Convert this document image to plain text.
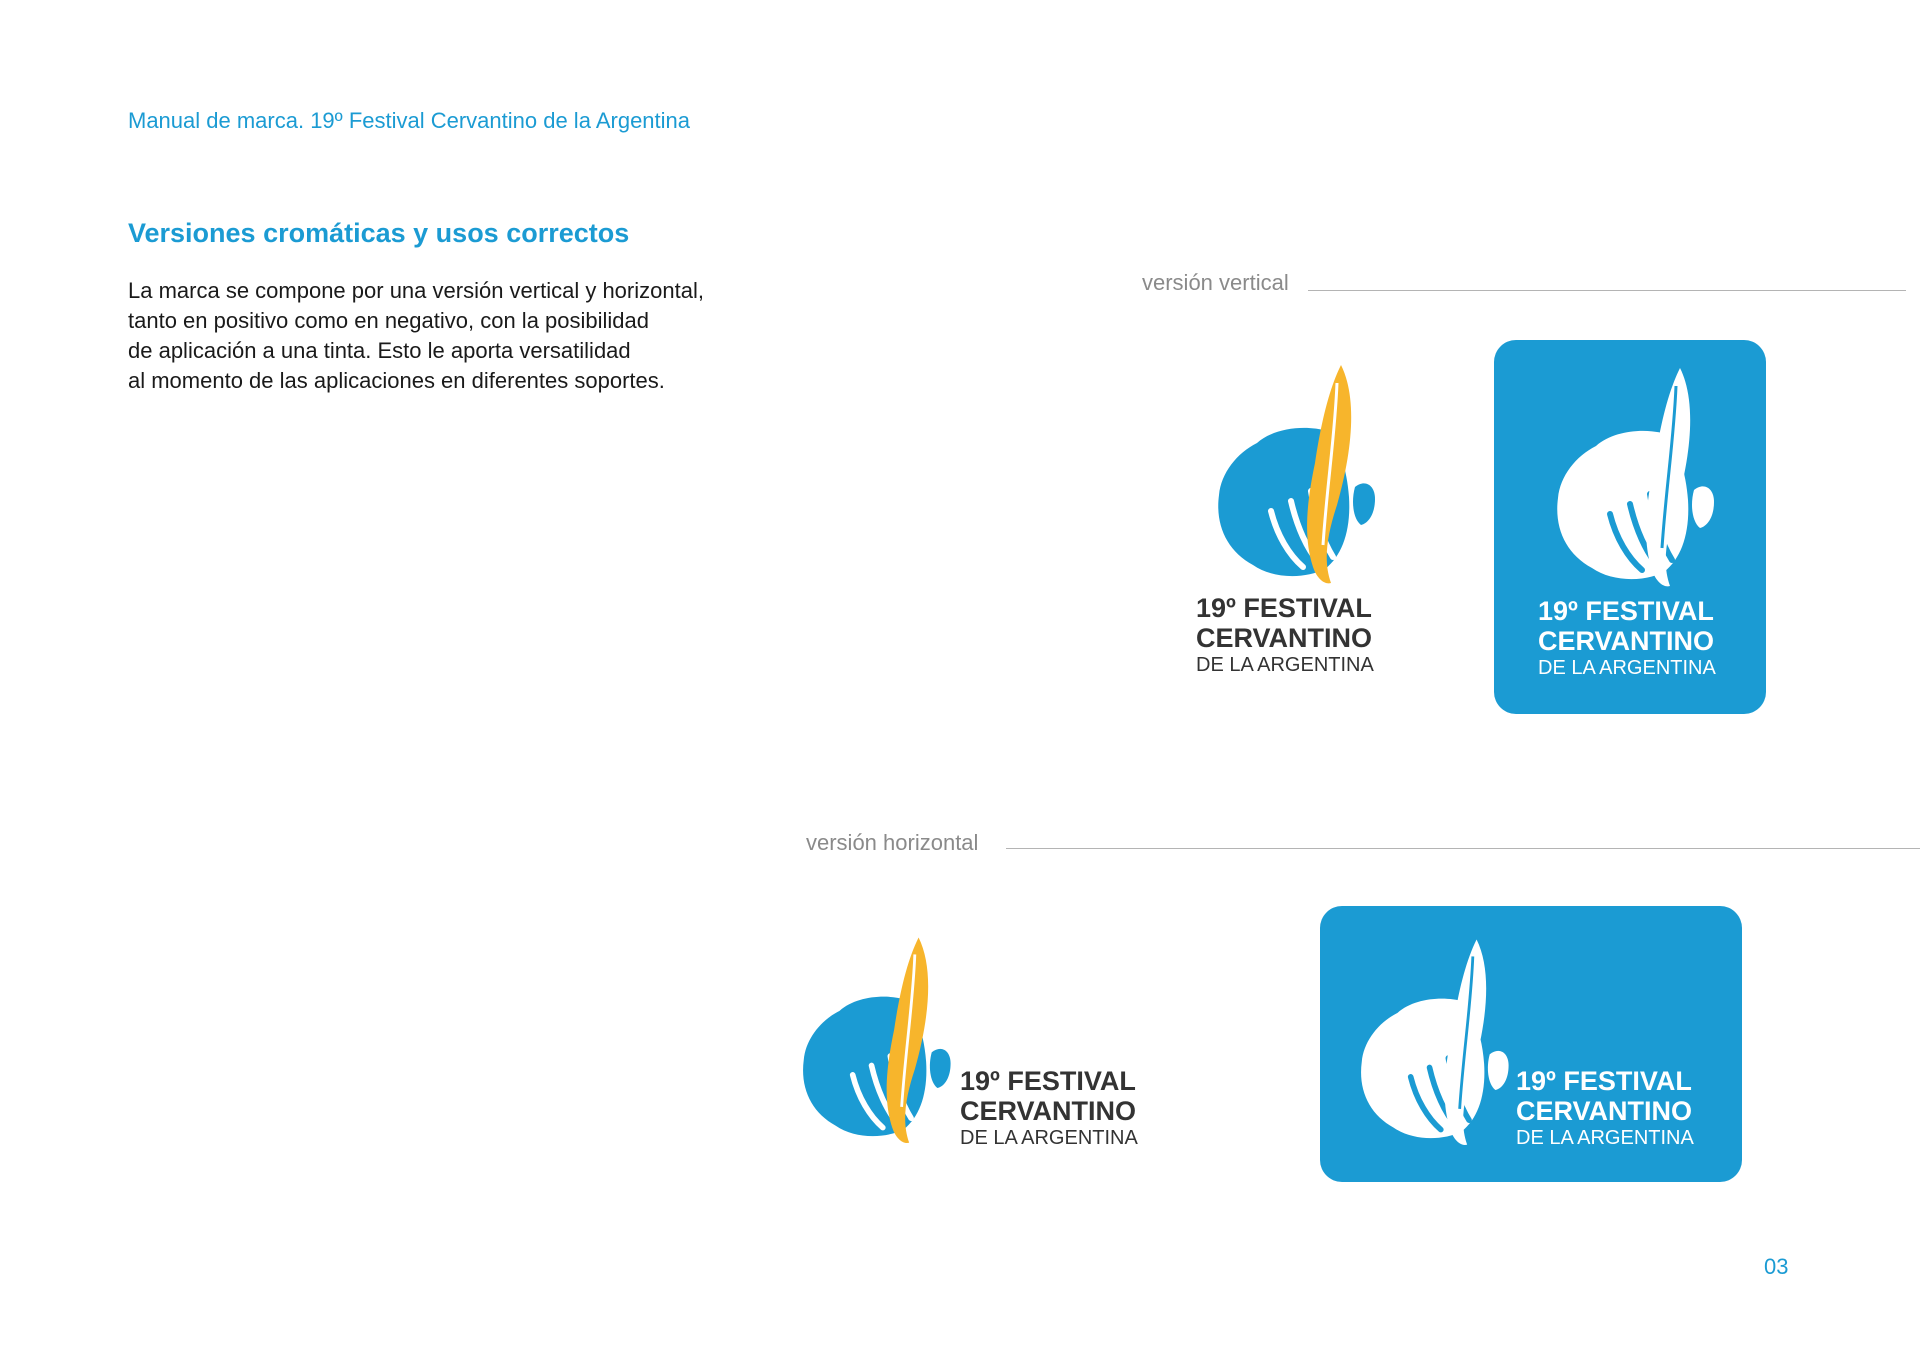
Manual de marca. 19º Festival Cervantino de la Argentina
Versiones cromáticas y usos correctos
La marca se compone por una versión vertical y horizontal,
tanto en positivo como en negativo, con la posibilidad
de aplicación a una tinta. Esto le aporta versatilidad
al momento de las aplicaciones en diferentes soportes.
versión vertical
19º FESTIVAL
CERVANTINO
DE LA ARGENTINA
19º FESTIVAL
CERVANTINO
DE LA ARGENTINA
versión horizontal
19º FESTIVAL
CERVANTINO
DE LA ARGENTINA
19º FESTIVAL
CERVANTINO
DE LA ARGENTINA
03
